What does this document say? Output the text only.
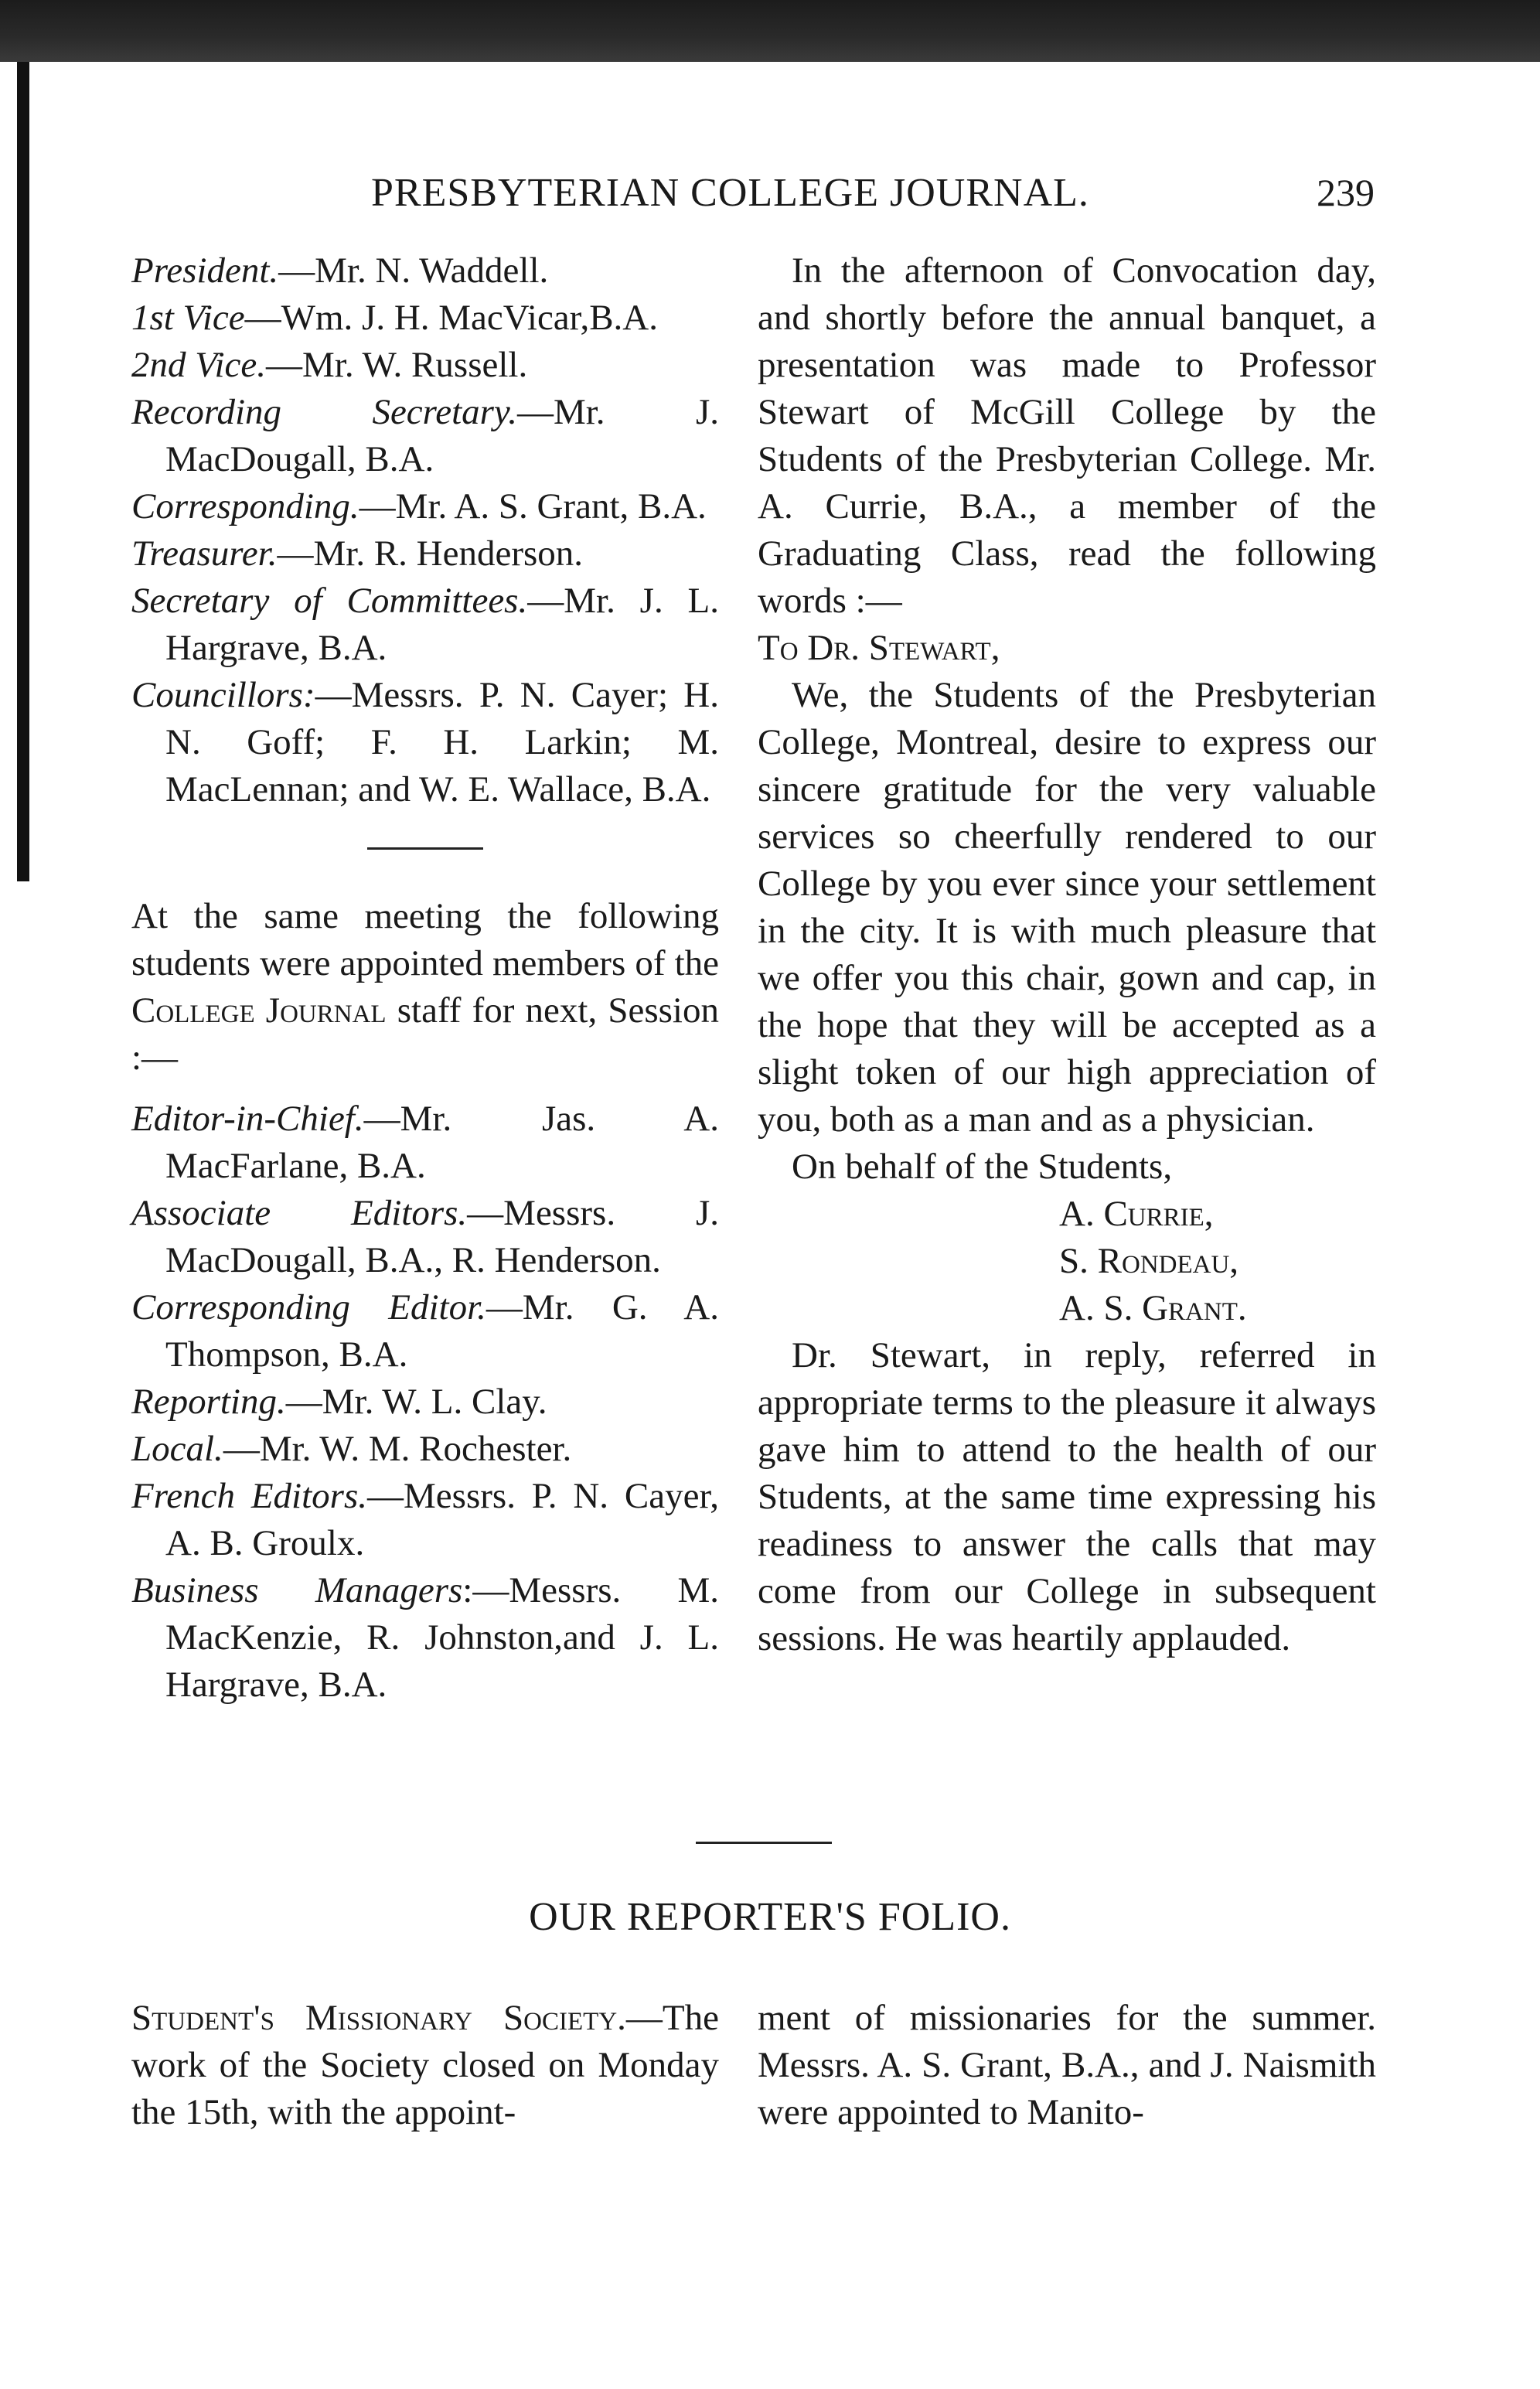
PRESBYTERIAN COLLEGE JOURNAL.	239

President.—Mr. N. Waddell.

1st Vice—Wm. J. H. MacVicar,B.A.

2nd Vice.—Mr. W. Russell.

Recording Secretary.—Mr. J. MacDougall, B.A.

Corresponding.—Mr. A. S. Grant, B.A.

Treasurer.—Mr. R. Henderson.

Secretary of Committees.—Mr. J. L. Hargrave, B.A.

Councillors:—Messrs. P. N. Cayer; H. N. Goff; F. H. Larkin; M. MacLennan; and W. E. Wallace, B.A.

At the same meeting the following students were appointed members of the College Journal staff for next, Session :—

Editor-in-Chief.—Mr. Jas. A. MacFarlane, B.A.

Associate Editors.—Messrs. J. MacDougall, B.A., R. Henderson.

Corresponding Editor.—Mr. G. A. Thompson, B.A.

Reporting.—Mr. W. L. Clay.

Local.—Mr. W. M. Rochester.

French Editors.—Messrs. P. N. Cayer, A. B. Groulx.

Business Managers:—Messrs. M. MacKenzie, R. Johnston,and J. L. Hargrave, B.A.

In the afternoon of Convocation day, and shortly before the annual banquet, a presentation was made to Professor Stewart of McGill College by the Students of the Presbyterian College. Mr. A. Currie, B.A., a member of the Graduating Class, read the following words :—

To Dr. Stewart,

We, the Students of the Presbyterian College, Montreal, desire to express our sincere gratitude for the very valuable services so cheerfully rendered to our College by you ever since your settlement in the city. It is with much pleasure that we offer you this chair, gown and cap, in the hope that they will be accepted as a slight token of our high appreciation of you, both as a man and as a physician.

On behalf of the Students,

A. Currie,

S. Rondeau,

A. S. Grant.

Dr. Stewart, in reply, referred in appropriate terms to the pleasure it always gave him to attend to the health of our Students, at the same time expressing his readiness to answer the calls that may come from our College in subsequent sessions. He was heartily applauded.

OUR REPORTER'S FOLIO.

Student's Missionary Society.—The work of the Society closed on Monday the 15th, with the appoint-

ment of missionaries for the summer. Messrs. A. S. Grant, B.A., and J. Naismith were appointed to Manito-
